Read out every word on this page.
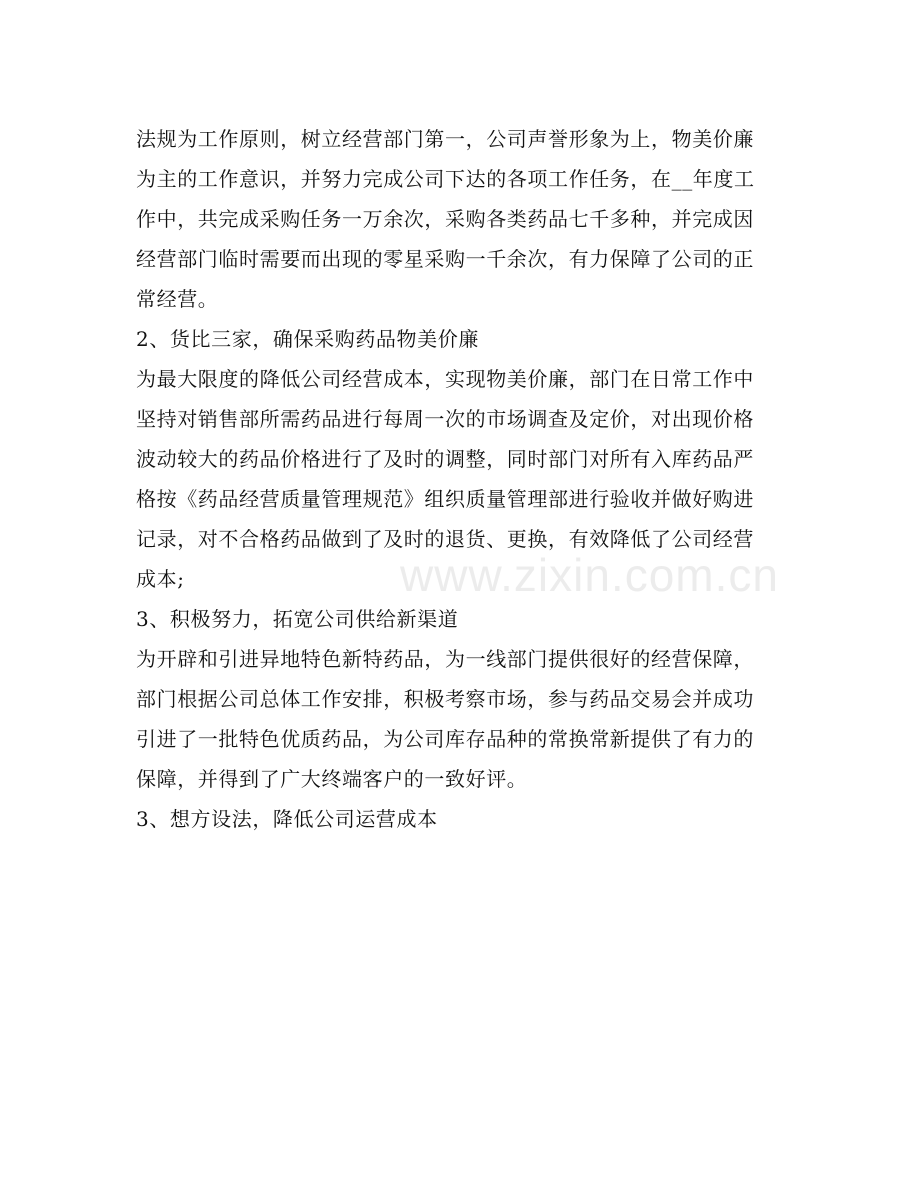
法规为工作原则，树立经营部门第一，公司声誉形象为上，物美价廉
为主的工作意识，并努力完成公司下达的各项工作任务，在__年度工
作中，共完成采购任务一万余次，采购各类药品七千多种，并完成因
经营部门临时需要而出现的零星采购一千余次，有力保障了公司的正
常经营。
2、货比三家，确保采购药品物美价廉
为最大限度的降低公司经营成本，实现物美价廉，部门在日常工作中
坚持对销售部所需药品进行每周一次的市场调查及定价，对出现价格
波动较大的药品价格进行了及时的调整，同时部门对所有入库药品严
格按《药品经营质量管理规范》组织质量管理部进行验收并做好购进
记录，对不合格药品做到了及时的退货、更换，有效降低了公司经营
成本;
3、积极努力，拓宽公司供给新渠道
为开辟和引进异地特色新特药品，为一线部门提供很好的经营保障，
部门根据公司总体工作安排，积极考察市场，参与药品交易会并成功
引进了一批特色优质药品，为公司库存品种的常换常新提供了有力的
保障，并得到了广大终端客户的一致好评。
3、想方设法，降低公司运营成本
www.zixin.com.cn
